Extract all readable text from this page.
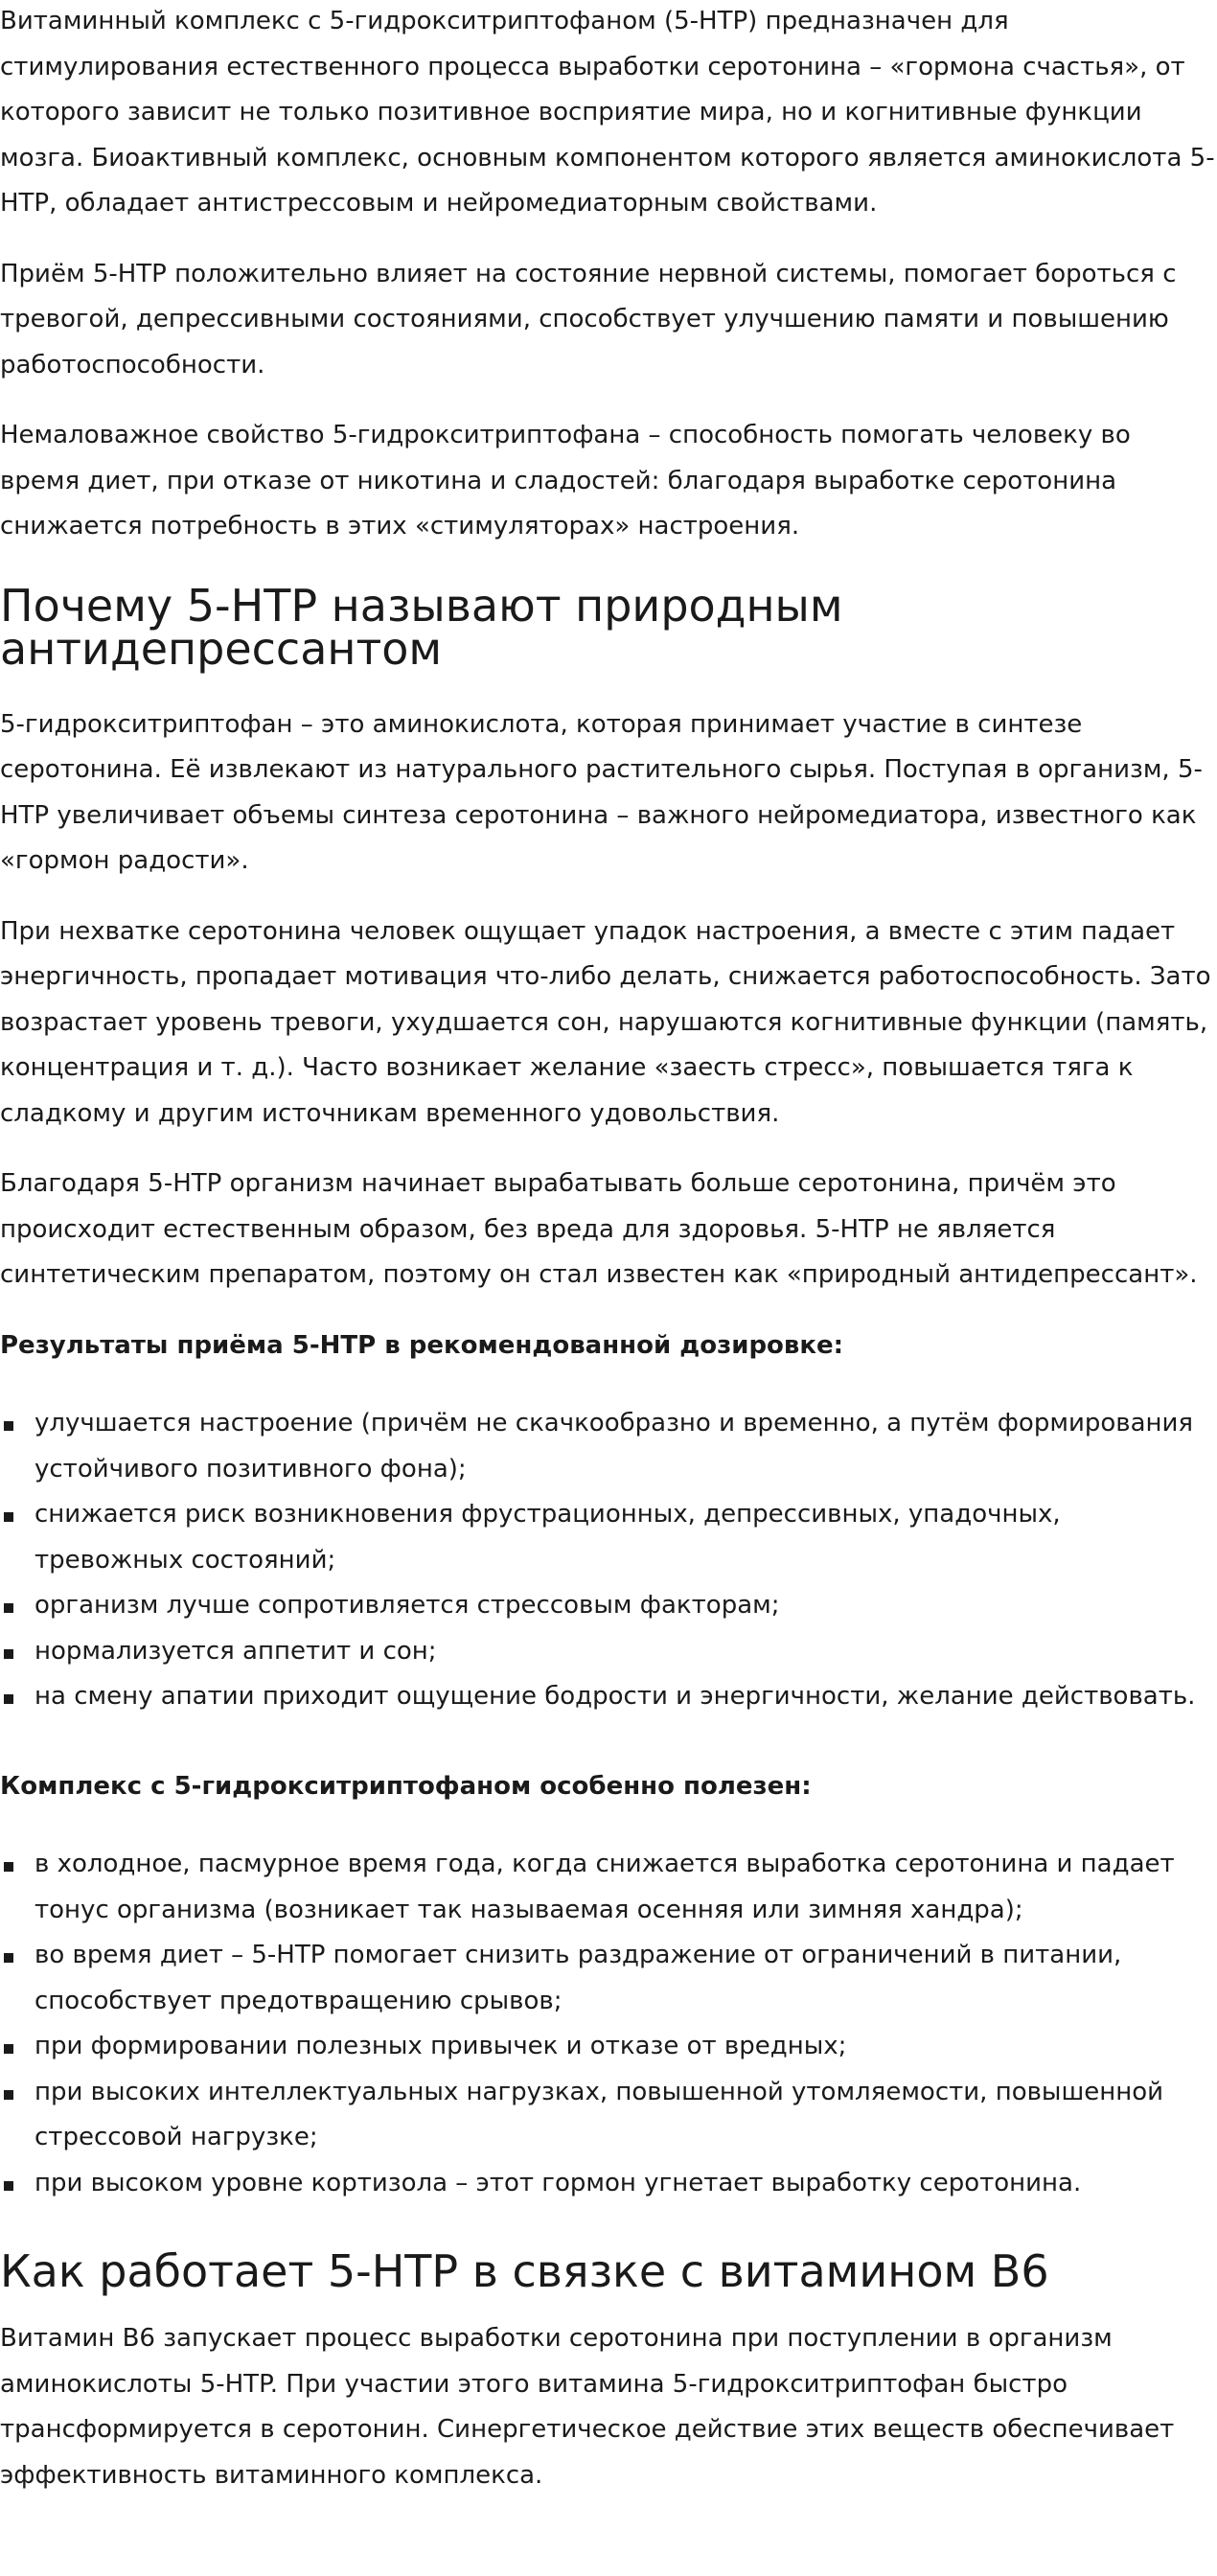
Витаминный комплекс с 5-гидрокситриптофаном (5-HTP) предназначен для стимулирования естественного процесса выработки серотонина – «гормона счастья», от которого зависит не только позитивное восприятие мира, но и когнитивные функции мозга. Биоактивный комплекс, основным компонентом которого является аминокислота 5-HTP, обладает антистрессовым и нейромедиаторным свойствами.

Приём 5-HTP положительно влияет на состояние нервной системы, помогает бороться с тревогой, депрессивными состояниями, способствует улучшению памяти и повышению работоспособности.

Немаловажное свойство 5-гидрокситриптофана – способность помогать человеку во время диет, при отказе от никотина и сладостей: благодаря выработке серотонина снижается потребность в этих «стимуляторах» настроения.

Почему 5-HTP называют природным антидепрессантом

5-гидрокситриптофан – это аминокислота, которая принимает участие в синтезе серотонина. Её извлекают из натурального растительного сырья. Поступая в организм, 5-HTP увеличивает объемы синтеза серотонина – важного нейромедиатора, известного как «гормон радости».

При нехватке серотонина человек ощущает упадок настроения, а вместе с этим падает энергичность, пропадает мотивация что-либо делать, снижается работоспособность. Зато возрастает уровень тревоги, ухудшается сон, нарушаются когнитивные функции (память, концентрация и т. д.). Часто возникает желание «заесть стресс», повышается тяга к сладкому и другим источникам временного удовольствия.

Благодаря 5-HTP организм начинает вырабатывать больше серотонина, причём это происходит естественным образом, без вреда для здоровья. 5-HTP не является синтетическим препаратом, поэтому он стал известен как «природный антидепрессант».

Результаты приёма 5-HTP в рекомендованной дозировке:

улучшается настроение (причём не скачкообразно и временно, а путём формирования устойчивого позитивного фона);
снижается риск возникновения фрустрационных, депрессивных, упадочных, тревожных состояний;
организм лучше сопротивляется стрессовым факторам;
нормализуется аппетит и сон;
на смену апатии приходит ощущение бодрости и энергичности, желание действовать.

Комплекс с 5-гидрокситриптофаном особенно полезен:

в холодное, пасмурное время года, когда снижается выработка серотонина и падает тонус организма (возникает так называемая осенняя или зимняя хандра);
во время диет – 5-HTP помогает снизить раздражение от ограничений в питании, способствует предотвращению срывов;
при формировании полезных привычек и отказе от вредных;
при высоких интеллектуальных нагрузках, повышенной утомляемости, повышенной стрессовой нагрузке;
при высоком уровне кортизола – этот гормон угнетает выработку серотонина.
Как работает 5-HTP в связке с витамином B6

Витамин B6 запускает процесс выработки серотонина при поступлении в организм аминокислоты 5-HTP. При участии этого витамина 5-гидрокситриптофан быстро трансформируется в серотонин. Синергетическое действие этих веществ обеспечивает эффективность витаминного комплекса.
